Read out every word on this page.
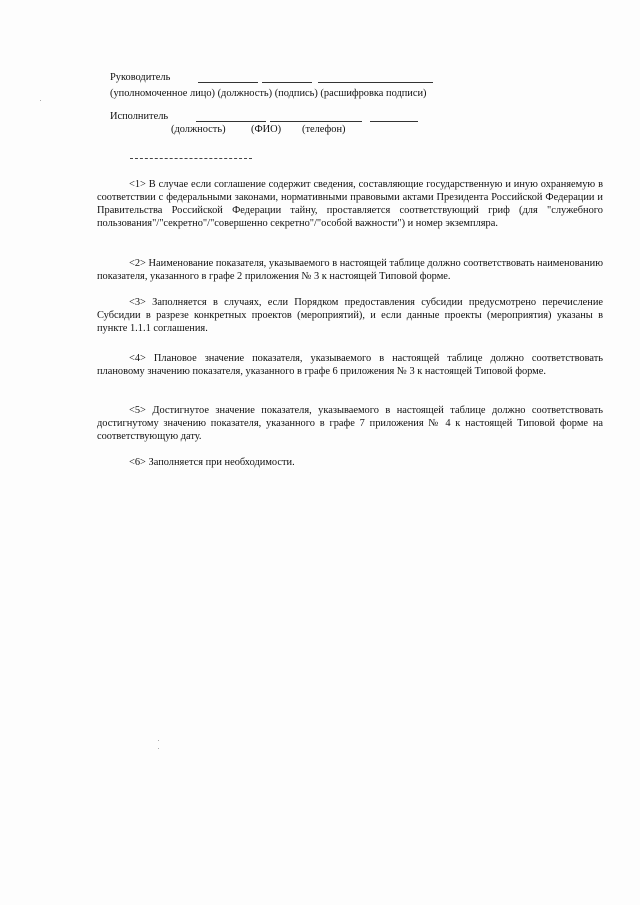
Руководитель
(уполномоченное лицо) (должность) (подпись) (расшифровка подписи)
Исполнитель
(должность) (ФИО) (телефон)

<1> В случае если соглашение содержит сведения, составляющие государственную и иную охраняемую в соответствии с федеральными законами, нормативными правовыми актами Президента Российской Федерации и Правительства Российской Федерации тайну, проставляется соответствующий гриф (для "служебного пользования"/"секретно"/"совершенно секретно"/"особой важности") и номер экземпляра.

<2> Наименование показателя, указываемого в настоящей таблице должно соответствовать наименованию показателя, указанного в графе 2 приложения № 3 к настоящей Типовой форме.

<3> Заполняется в случаях, если Порядком предоставления субсидии предусмотрено перечисление Субсидии в разрезе конкретных проектов (мероприятий), и если данные проекты (мероприятия) указаны в пункте 1.1.1 соглашения.

<4> Плановое значение показателя, указываемого в настоящей таблице должно соответствовать плановому значению показателя, указанного в графе 6 приложения № 3 к настоящей Типовой форме.

<5> Достигнутое значение показателя, указываемого в настоящей таблице должно соответствовать достигнутому значению показателя, указанного в графе 7 приложения № 4 к настоящей Типовой форме на соответствующую дату.

<6> Заполняется при необходимости.
